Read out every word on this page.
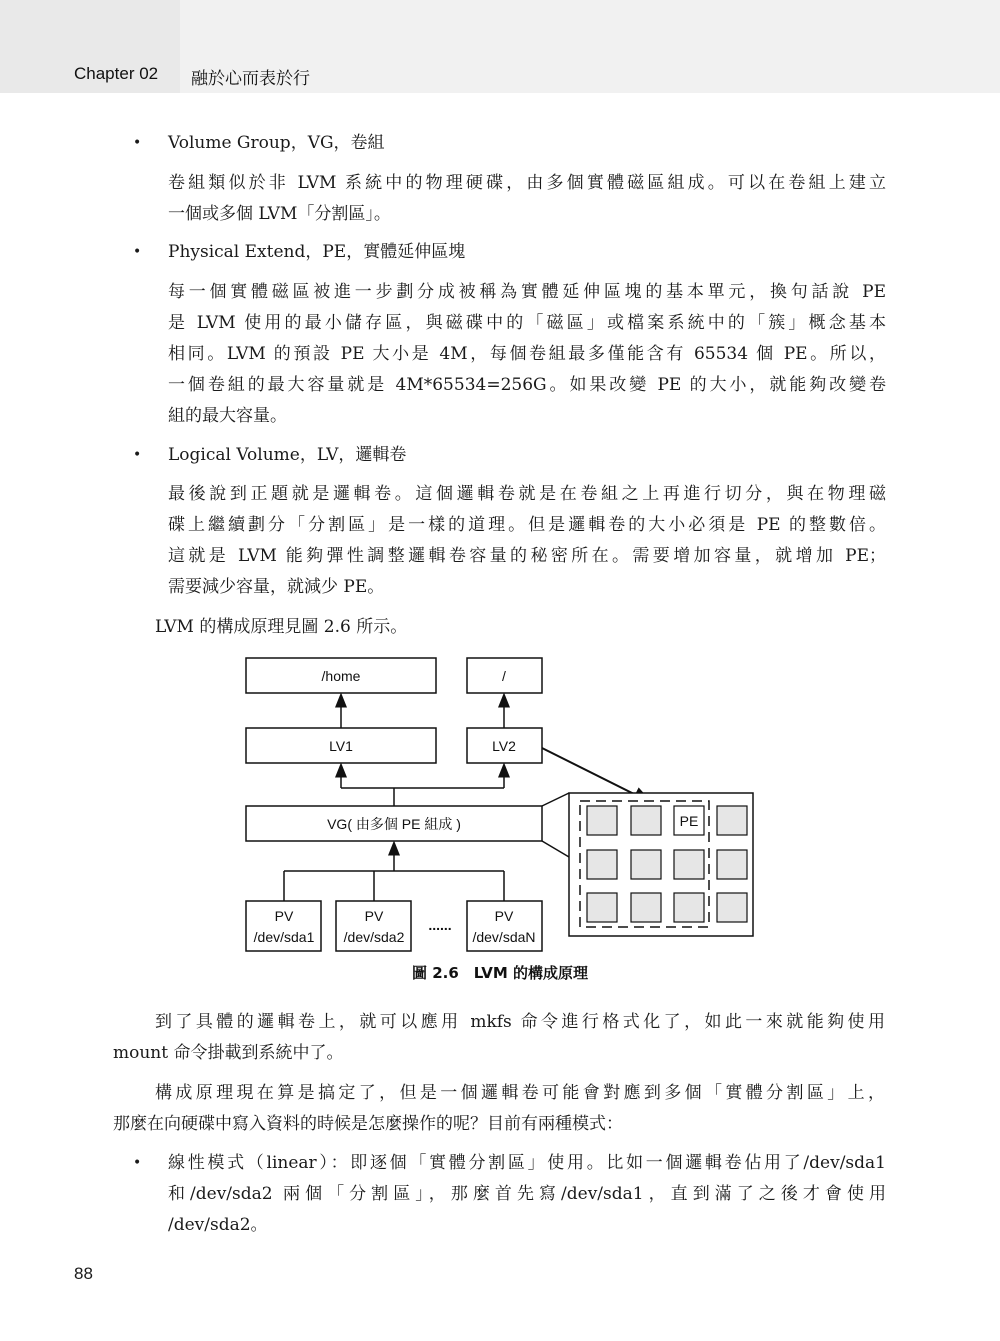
Chapter 02 融於心而表於行
• Volume Group，VG，卷組
卷組類似於非 LVM 系統中的物理硬碟，由多個實體磁區組成。可以在卷組上建立
一個或多個 LVM「分割區」。
• Physical Extend，PE，實體延伸區塊
每一個實體磁區被進一步劃分成被稱為實體延伸區塊的基本單元，換句話說 PE
是 LVM 使用的最小儲存區，與磁碟中的「磁區」或檔案系統中的「簇」概念基本
相同。LVM 的預設 PE 大小是 4M，每個卷組最多僅能含有 65534 個 PE。所以，
一個卷組的最大容量就是 4M*65534=256G。如果改變 PE 的大小，就能夠改變卷
組的最大容量。
• Logical Volume，LV，邏輯卷
最後說到正題就是邏輯卷。這個邏輯卷就是在卷組之上再進行切分，與在物理磁
碟上繼續劃分「分割區」是一樣的道理。但是邏輯卷的大小必須是 PE 的整數倍。
這就是 LVM 能夠彈性調整邏輯卷容量的秘密所在。需要增加容量，就增加 PE；
需要減少容量，就減少 PE。
LVM 的構成原理見圖 2.6 所示。
/home	/
LV1	LV2
VG( 由多個 PE 組成 )	PE
PV
/dev/sda1
PV
/dev/sda2
PV
/dev/sdaN
......
圖 2.6　LVM 的構成原理
到了具體的邏輯卷上，就可以應用 mkfs 命令進行格式化了，如此一來就能夠使用
mount 命令掛載到系統中了。
構成原理現在算是搞定了，但是一個邏輯卷可能會對應到多個「實體分割區」上，
那麼在向硬碟中寫入資料的時候是怎麼操作的呢？目前有兩種模式：
• 線性模式（linear）：即逐個「實體分割區」使用。比如一個邏輯卷佔用了/dev/sda1
和/dev/sda2 兩個「分割區」，那麼首先寫/dev/sda1，直到滿了之後才會使用
/dev/sda2。
88
